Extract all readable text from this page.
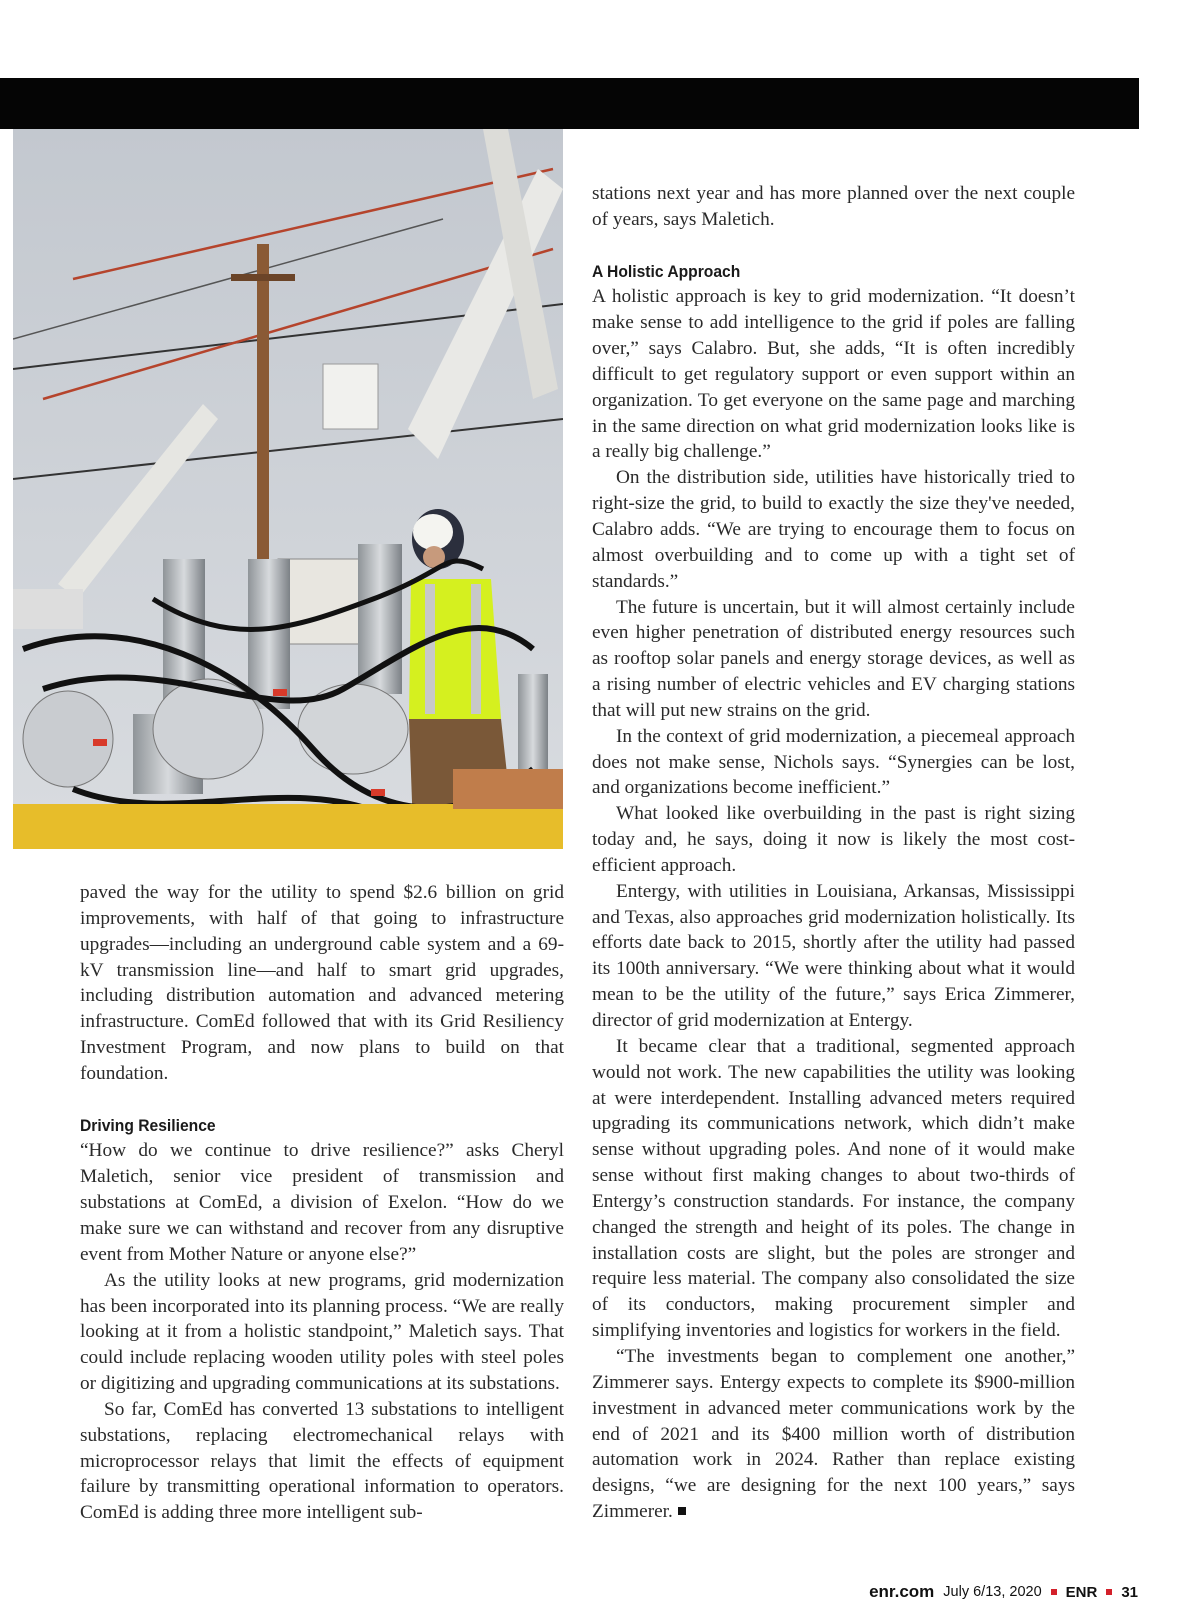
paved the way for the utility to spend $2.6 billion on grid improvements, with half of that going to infrastructure upgrades—including an underground cable system and a 69-kV transmission line—and half to smart grid upgrades, including distribution automation and advanced metering infrastructure. ComEd followed that with its Grid Resiliency Investment Program, and now plans to build on that foundation.

Driving Resilience

“How do we continue to drive resilience?” asks Cheryl Maletich, senior vice president of transmission and substations at ComEd, a division of Exelon. “How do we make sure we can withstand and recover from any disruptive event from Mother Nature or anyone else?”

As the utility looks at new programs, grid modernization has been incorporated into its planning process. “We are really looking at it from a holistic standpoint,” Maletich says. That could include replacing wooden utility poles with steel poles or digitizing and upgrading communications at its substations.

So far, ComEd has converted 13 substations to intelligent substations, replacing electromechanical relays with microprocessor relays that limit the effects of equipment failure by transmitting operational information to operators. ComEd is adding three more intelligent sub-

stations next year and has more planned over the next couple of years, says Maletich.

A Holistic Approach

A holistic approach is key to grid modernization. “It doesn’t make sense to add intelligence to the grid if poles are falling over,” says Calabro. But, she adds, “It is often incredibly difficult to get regulatory support or even support within an organization. To get everyone on the same page and marching in the same direction on what grid modernization looks like is a really big challenge.”

On the distribution side, utilities have historically tried to right-size the grid, to build to exactly the size they've needed, Calabro adds. “We are trying to encourage them to focus on almost overbuilding and to come up with a tight set of standards.”

The future is uncertain, but it will almost certainly include even higher penetration of distributed energy resources such as rooftop solar panels and energy storage devices, as well as a rising number of electric vehicles and EV charging stations that will put new strains on the grid.

In the context of grid modernization, a piecemeal approach does not make sense, Nichols says. “Synergies can be lost, and organizations become inefficient.”

What looked like overbuilding in the past is right sizing today and, he says, doing it now is likely the most cost-efficient approach.

Entergy, with utilities in Louisiana, Arkansas, Mississippi and Texas, also approaches grid modernization holistically. Its efforts date back to 2015, shortly after the utility had passed its 100th anniversary. “We were thinking about what it would mean to be the utility of the future,” says Erica Zimmerer, director of grid modernization at Entergy.

It became clear that a traditional, segmented approach would not work. The new capabilities the utility was looking at were interdependent. Installing advanced meters required upgrading its communications network, which didn’t make sense without upgrading poles. And none of it would make sense without first making changes to about two-thirds of Entergy’s construction standards. For instance, the company changed the strength and height of its poles. The change in installation costs are slight, but the poles are stronger and require less material. The company also consolidated the size of its conductors, making procurement simpler and simplifying inventories and logistics for workers in the field.

“The investments began to complement one another,” Zimmerer says. Entergy expects to complete its $900-million investment in advanced meter communications work by the end of 2021 and its $400 million worth of distribution automation work in 2024. Rather than replace existing designs, “we are designing for the next 100 years,” says Zimmerer.

enr.com July 6/13, 2020 ENR 31
